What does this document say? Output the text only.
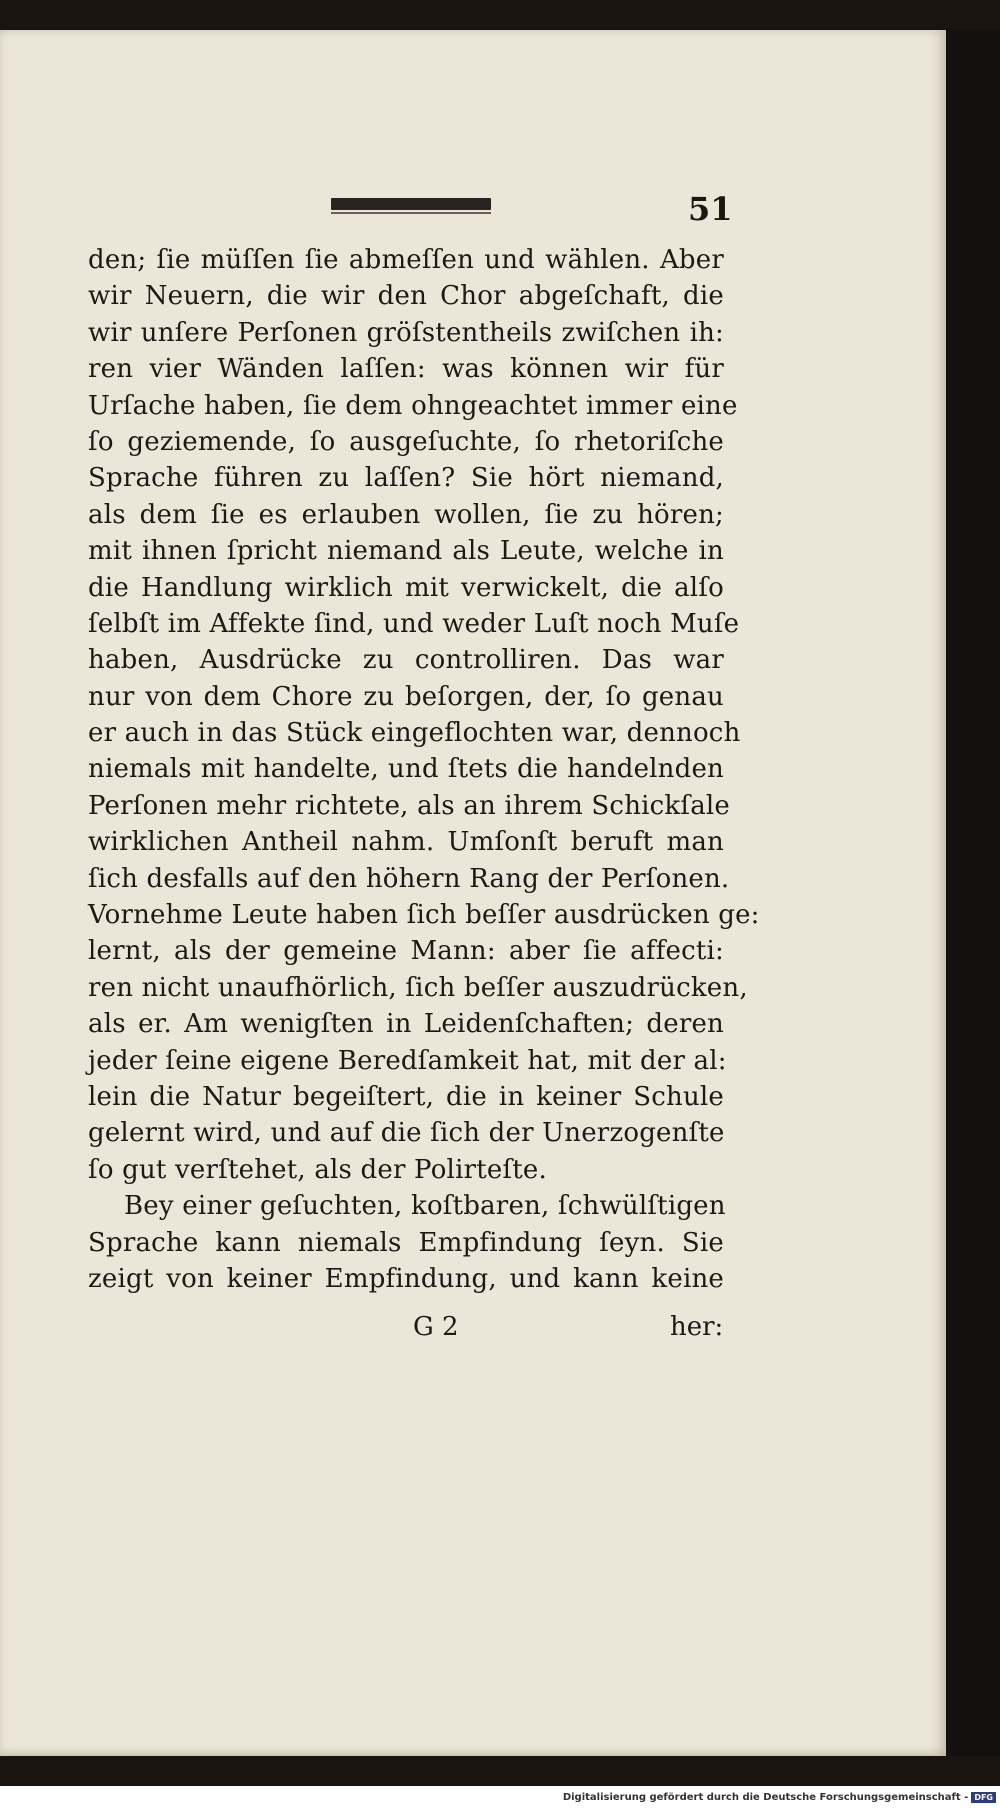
51
den; ſie müſſen ſie abmeſſen und wählen. Aber
wir Neuern, die wir den Chor abgeſchaft, die
wir unſere Perſonen gröſstentheils zwiſchen ih:
ren vier Wänden laſſen: was können wir für
Urſache haben, ſie dem ohngeachtet immer eine
ſo geziemende, ſo ausgeſuchte, ſo rhetoriſche
Sprache führen zu laſſen? Sie hört niemand,
als dem ſie es erlauben wollen, ſie zu hören;
mit ihnen ſpricht niemand als Leute, welche in
die Handlung wirklich mit verwickelt, die alſo
ſelbſt im Affekte ſind, und weder Luſt noch Muſe
haben, Ausdrücke zu controlliren. Das war
nur von dem Chore zu beſorgen, der, ſo genau
er auch in das Stück eingeflochten war, dennoch
niemals mit handelte, und ſtets die handelnden
Perſonen mehr richtete, als an ihrem Schickſale
wirklichen Antheil nahm. Umſonſt beruft man
ſich desfalls auf den höhern Rang der Perſonen.
Vornehme Leute haben ſich beſſer ausdrücken ge:
lernt, als der gemeine Mann: aber ſie affecti:
ren nicht unaufhörlich, ſich beſſer auszudrücken,
als er. Am wenigſten in Leidenſchaften; deren
jeder ſeine eigene Beredſamkeit hat, mit der al:
lein die Natur begeiſtert, die in keiner Schule
gelernt wird, und auf die ſich der Unerzogenſte
ſo gut verſtehet, als der Polirteſte.
Bey einer geſuchten, koſtbaren, ſchwülſtigen
Sprache kann niemals Empfindung ſeyn. Sie
zeigt von keiner Empfindung, und kann keine
G 2	her:
Digitalisierung gefördert durch die Deutsche Forschungsgemeinschaft - DFG
